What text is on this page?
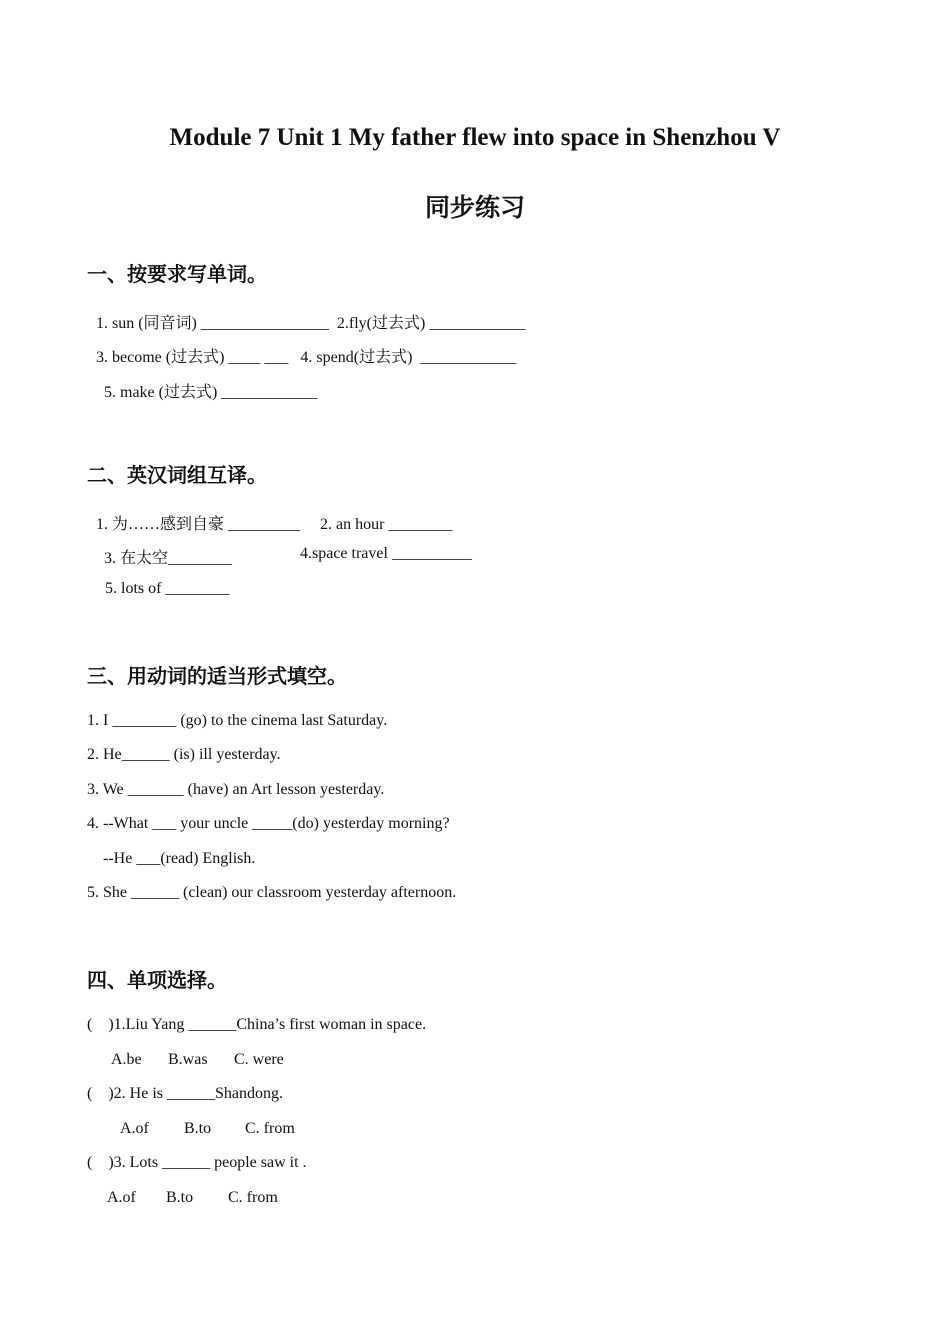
Module 7 Unit 1 My father flew into space in Shenzhou V
同步练习
一、按要求写单词。
1. sun (同音词) ________________  2.fly(过去式) ____________
3. become (过去式) ____ ___   4. spend(过去式)  ____________
5. make (过去式) ____________
二、英汉词组互译。
1. 为……感到自豪 _________     2. an hour ________
3. 在太空________	4.space travel __________
5. lots of ________
三、用动词的适当形式填空。
1. I ________ (go) to the cinema last Saturday.
2. He______ (is) ill yesterday.
3. We _______ (have) an Art lesson yesterday.
4. --What ___ your uncle _____(do) yesterday morning?
--He ___(read) English.
5. She ______ (clean) our classroom yesterday afternoon.
四、单项选择。
(    )1.Liu Yang ______China’s first woman in space.
A.be B.was C. were
(    )2. He is ______Shandong.
A.of B.to C. from
(    )3. Lots ______ people saw it .
A.of B.to C. from
